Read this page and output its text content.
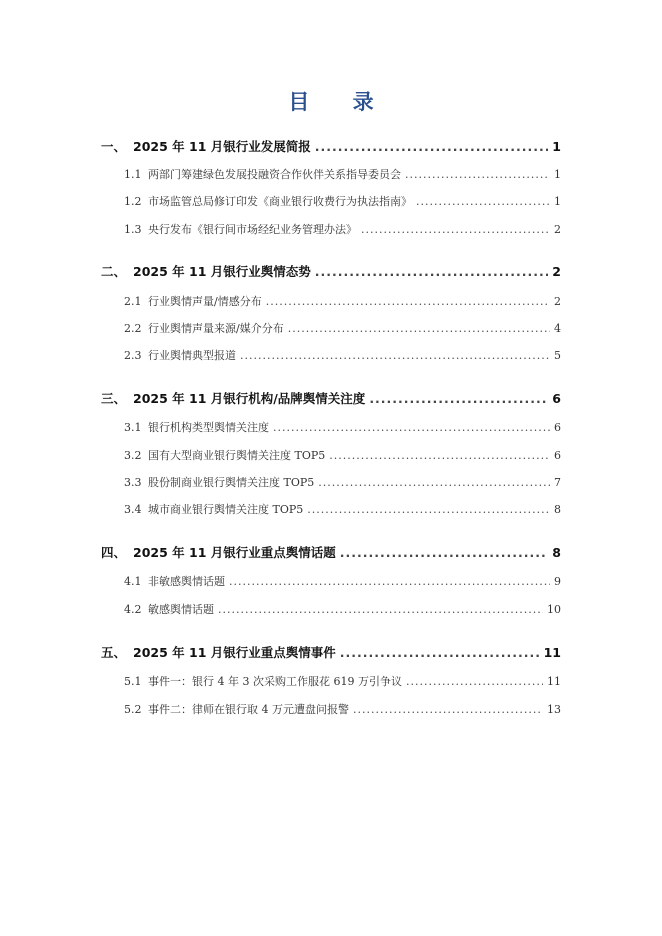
目 录
一、 2025 年 11 月银行业发展简报 .....	1
1.1 两部门筹建绿色发展投融资合作伙伴关系指导委员会 .....	1
1.2 市场监管总局修订印发《商业银行收费行为执法指南》 .....	1
1.3 央行发布《银行间市场经纪业务管理办法》 .....	2
二、 2025 年 11 月银行业舆情态势 .....	2
2.1 行业舆情声量/情感分布 .....	2
2.2 行业舆情声量来源/媒介分布 .....	4
2.3 行业舆情典型报道 .....	5
三、 2025 年 11 月银行机构/品牌舆情关注度 .....	6
3.1 银行机构类型舆情关注度 .....	6
3.2 国有大型商业银行舆情关注度 TOP5 .....	6
3.3 股份制商业银行舆情关注度 TOP5 .....	7
3.4 城市商业银行舆情关注度 TOP5 .....	8
四、 2025 年 11 月银行业重点舆情话题 .....	8
4.1 非敏感舆情话题 .....	9
4.2 敏感舆情话题 .....	10
五、 2025 年 11 月银行业重点舆情事件 .....	11
5.1 事件一：银行 4 年 3 次采购工作服花 619 万引争议 .....	11
5.2 事件二：律师在银行取 4 万元遭盘问报警 .....	13
